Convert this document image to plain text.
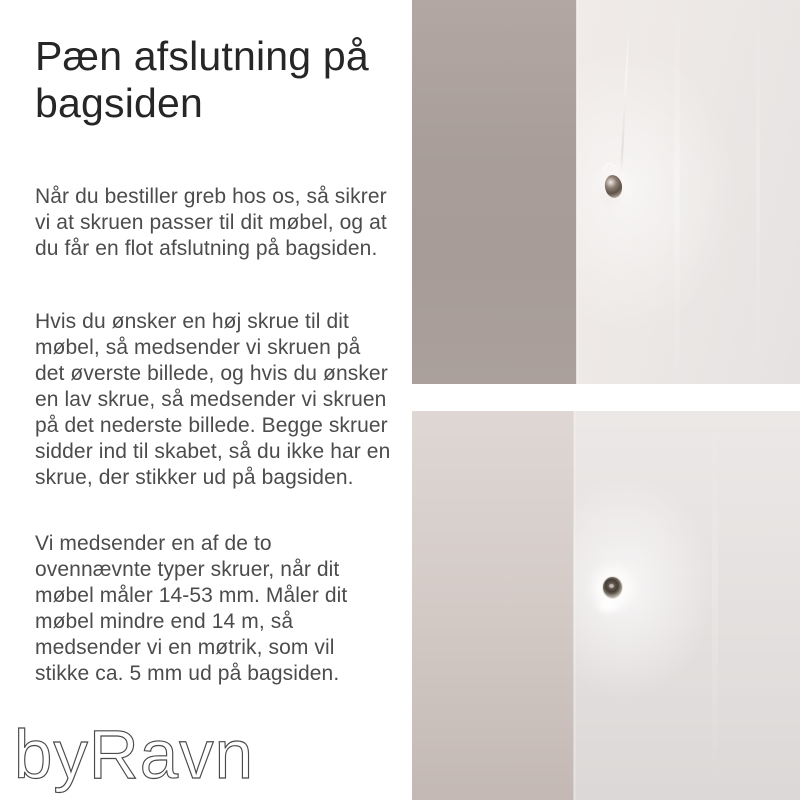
Pæn afslutning på bagsiden

Når du bestiller greb hos os, så sikrer vi at skruen passer til dit møbel, og at du får en flot afslutning på bagsiden.

Hvis du ønsker en høj skrue til dit møbel, så medsender vi skruen på det øverste billede, og hvis du ønsker en lav skrue, så medsender vi skruen på det nederste billede. Begge skruer sidder ind til skabet, så du ikke har en skrue, der stikker ud på bagsiden.

Vi medsender en af de to ovennævnte typer skruer, når dit møbel måler 14-53 mm. Måler dit møbel mindre end 14 m, så medsender vi en møtrik, som vil stikke ca. 5 mm ud på bagsiden.

byRavn
